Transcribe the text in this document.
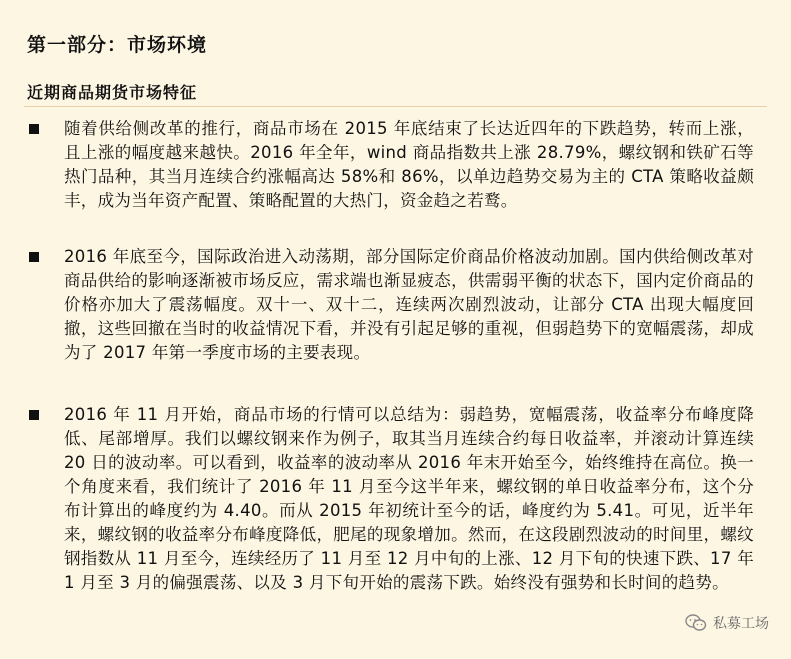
第一部分：市场环境
近期商品期货市场特征
随着供给侧改革的推行，商品市场在 2015 年底结束了长达近四年的下跌趋势，转而上涨，且上涨的幅度越来越快。2016 年全年，wind 商品指数共上涨 28.79%，螺纹钢和铁矿石等热门品种，其当月连续合约涨幅高达 58%和 86%，以单边趋势交易为主的 CTA 策略收益颇丰，成为当年资产配置、策略配置的大热门，资金趋之若鹜。
2016 年底至今，国际政治进入动荡期，部分国际定价商品价格波动加剧。国内供给侧改革对商品供给的影响逐渐被市场反应，需求端也渐显疲态，供需弱平衡的状态下，国内定价商品的价格亦加大了震荡幅度。双十一、双十二，连续两次剧烈波动，让部分 CTA 出现大幅度回撤，这些回撤在当时的收益情况下看，并没有引起足够的重视，但弱趋势下的宽幅震荡，却成为了 2017 年第一季度市场的主要表现。
2016 年 11 月开始，商品市场的行情可以总结为：弱趋势，宽幅震荡，收益率分布峰度降低、尾部增厚。我们以螺纹钢来作为例子，取其当月连续合约每日收益率，并滚动计算连续 20 日的波动率。可以看到，收益率的波动率从 2016 年末开始至今，始终维持在高位。换一个角度来看，我们统计了 2016 年 11 月至今这半年来，螺纹钢的单日收益率分布，这个分布计算出的峰度约为 4.40。而从 2015 年初统计至今的话，峰度约为 5.41。可见，近半年来，螺纹钢的收益率分布峰度降低，肥尾的现象增加。然而，在这段剧烈波动的时间里，螺纹钢指数从 11 月至今，连续经历了 11 月至 12 月中旬的上涨、12 月下旬的快速下跌、17 年 1 月至 3 月的偏强震荡、以及 3 月下旬开始的震荡下跌。始终没有强势和长时间的趋势。
私募工场
